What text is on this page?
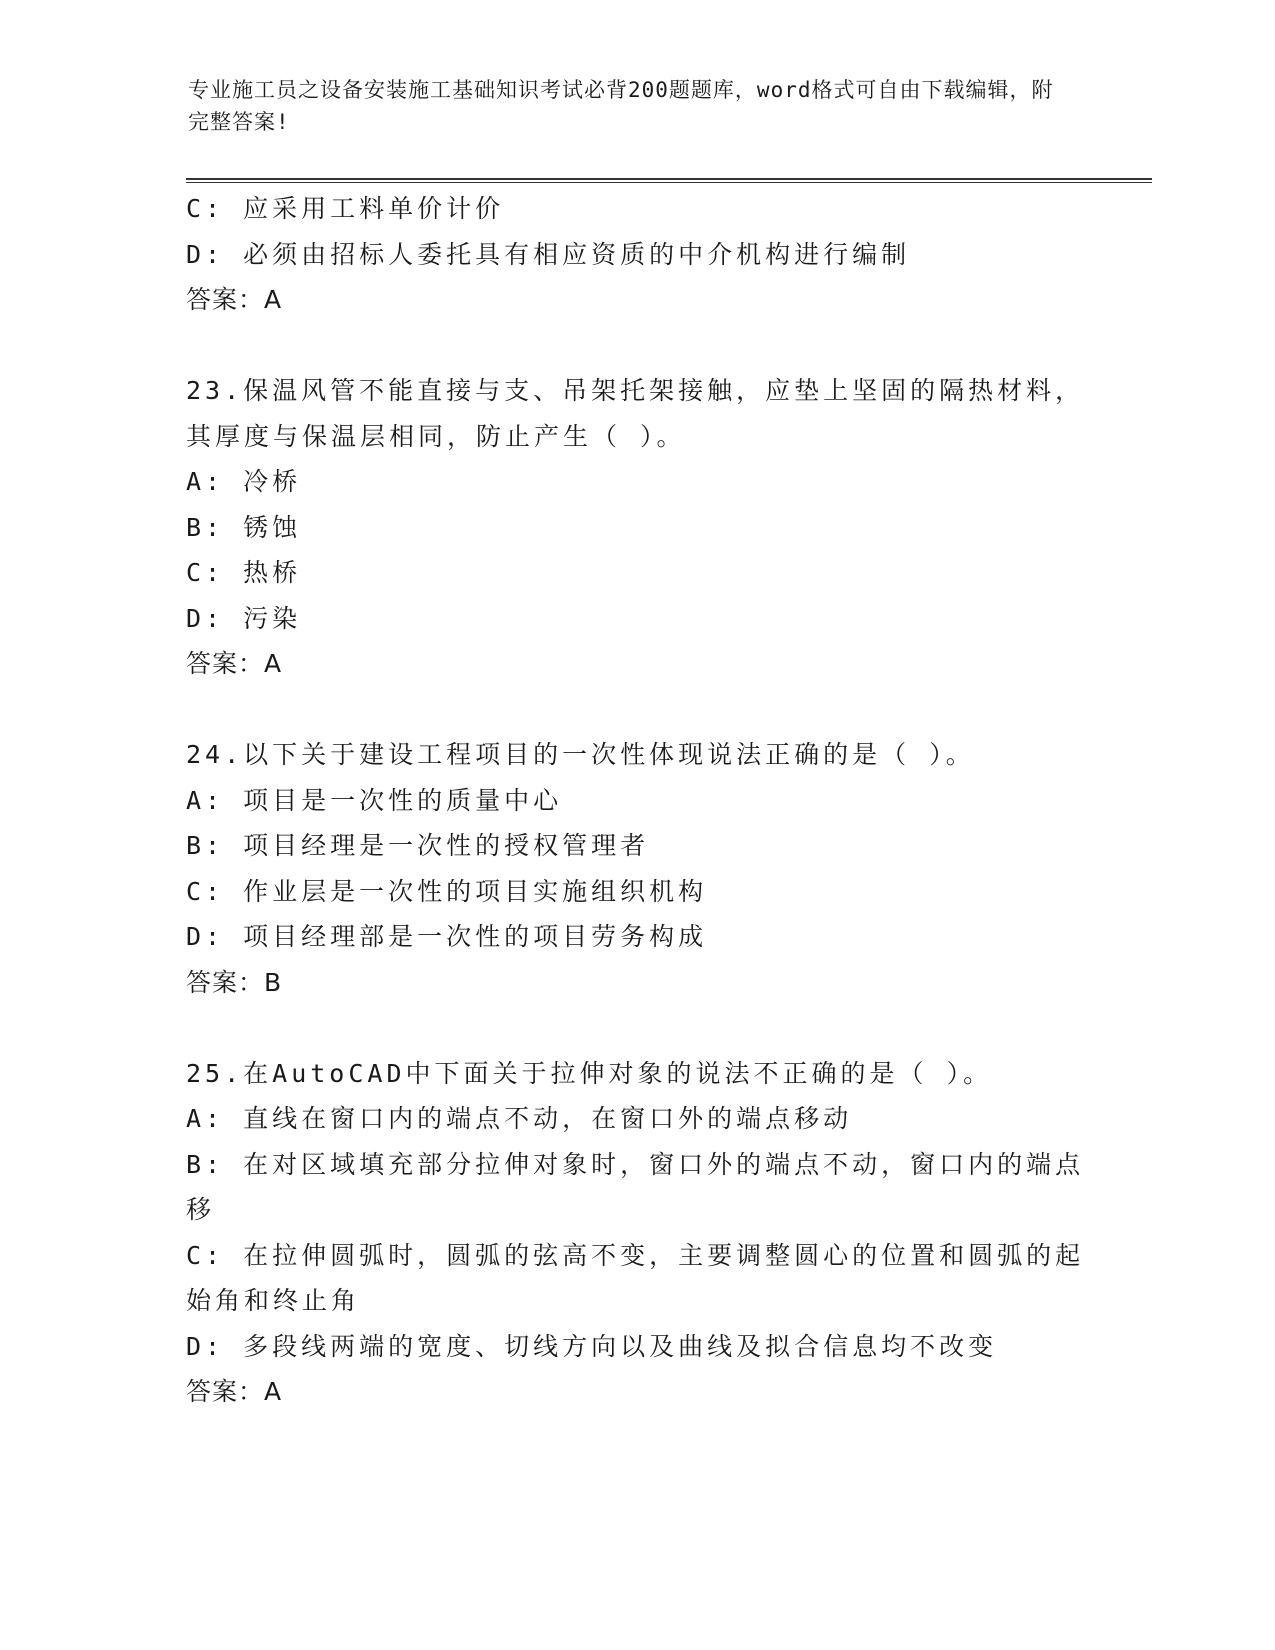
专业施工员之设备安装施工基础知识考试必背200题题库，word格式可自由下载编辑，附完整答案!
C: 应采用工料单价计价
D: 必须由招标人委托具有相应资质的中介机构进行编制
答案：A
23.保温风管不能直接与支、吊架托架接触，应垫上坚固的隔热材料，其厚度与保温层相同，防止产生（ ）。
A: 冷桥
B: 锈蚀
C: 热桥
D: 污染
答案：A
24.以下关于建设工程项目的一次性体现说法正确的是（ ）。
A: 项目是一次性的质量中心
B: 项目经理是一次性的授权管理者
C: 作业层是一次性的项目实施组织机构
D: 项目经理部是一次性的项目劳务构成
答案：B
25.在AutoCAD中下面关于拉伸对象的说法不正确的是（ ）。
A: 直线在窗口内的端点不动，在窗口外的端点移动
B: 在对区域填充部分拉伸对象时，窗口外的端点不动，窗口内的端点移
C: 在拉伸圆弧时，圆弧的弦高不变，主要调整圆心的位置和圆弧的起始角和终止角
D: 多段线两端的宽度、切线方向以及曲线及拟合信息均不改变
答案：A
